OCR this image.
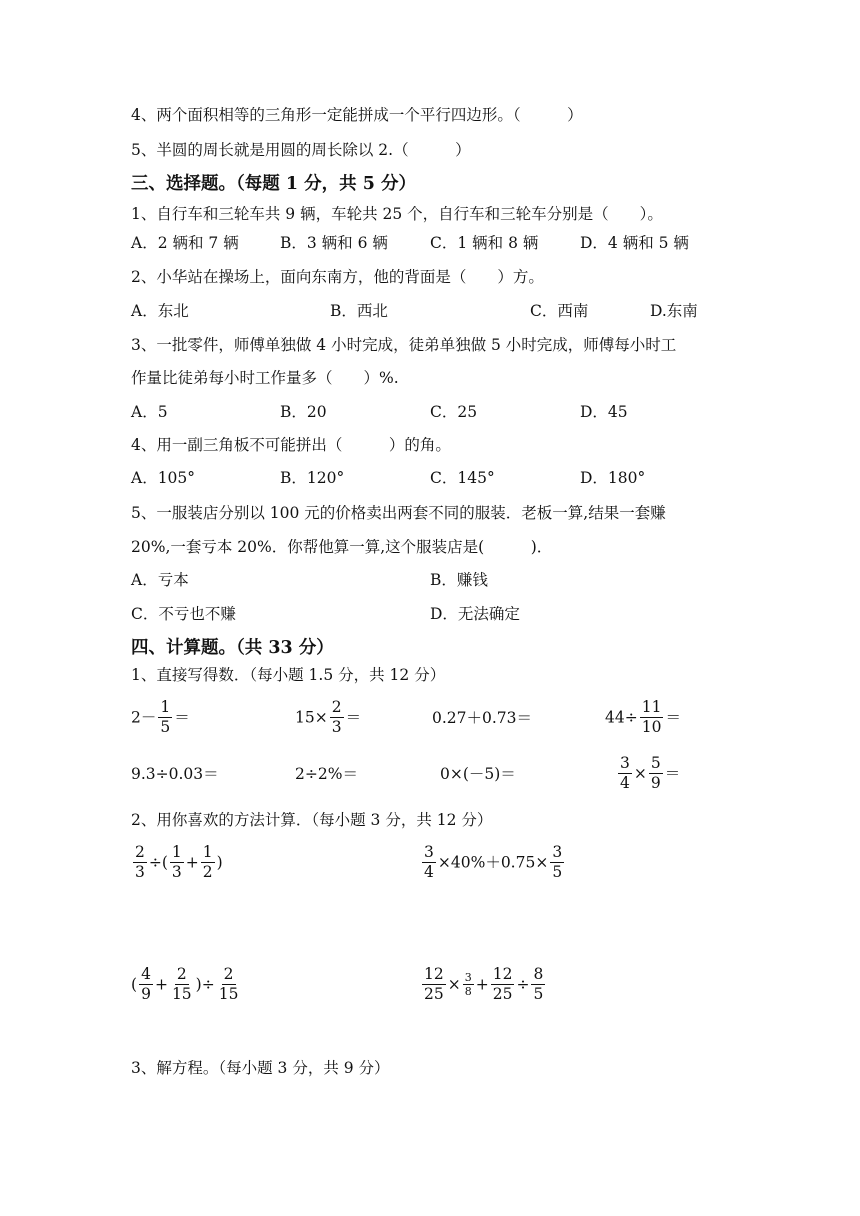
4、两个面积相等的三角形一定能拼成一个平行四边形。（　　　）
5、半圆的周长就是用圆的周长除以 2.（　　　）
三、选择题。（每题 1 分，共 5 分）
1、自行车和三轮车共 9 辆，车轮共 25 个，自行车和三轮车分别是（　　）。
A．2 辆和 7 辆	B．3 辆和 6 辆	C．1 辆和 8 辆	D．4 辆和 5 辆
2、小华站在操场上，面向东南方，他的背面是（　　）方。
A．东北	B．西北	C．西南	D.东南
3、一批零件，师傅单独做 4 小时完成，徒弟单独做 5 小时完成，师傅每小时工
作量比徒弟每小时工作量多（　　）%.
A．5	B．20	C．25	D．45
4、用一副三角板不可能拼出（　　　）的角。
A．105°	B．120°	C．145°	D．180°
5、一服装店分别以 100 元的价格卖出两套不同的服装．老板一算,结果一套赚
20%,一套亏本 20%．你帮他算一算,这个服装店是(　　　)．
A．亏本	B．赚钱
C．不亏也不赚	D．无法确定
四、计算题。（共 33 分）
1、直接写得数．（每小题 1.5 分，共 12 分）
$2- \frac{1}{5}$ ＝	$15\times \frac{2}{3}$ ＝	0.27＋0.73＝	$44\div \frac{11}{10}$ ＝
9.3÷0.03＝	2÷2%＝	0×(－5)＝	$\frac{3}{4} \times \frac{5}{9}$ ＝
2、用你喜欢的方法计算．（每小题 3 分，共 12 分）
$\frac{2}{3}$ ÷( $\frac{1}{3} + \frac{1}{2}$ )	$\frac{3}{4} \times 40\%+0.75\times \frac{3}{5}$
( $\frac{4}{9} + \frac{2}{15}$ )÷ $\frac{2}{15}$	$\frac{12}{25} \times \frac{3}{8} + \frac{12}{25} \div \frac{8}{5}$
3、解方程。（每小题 3 分，共 9 分）
